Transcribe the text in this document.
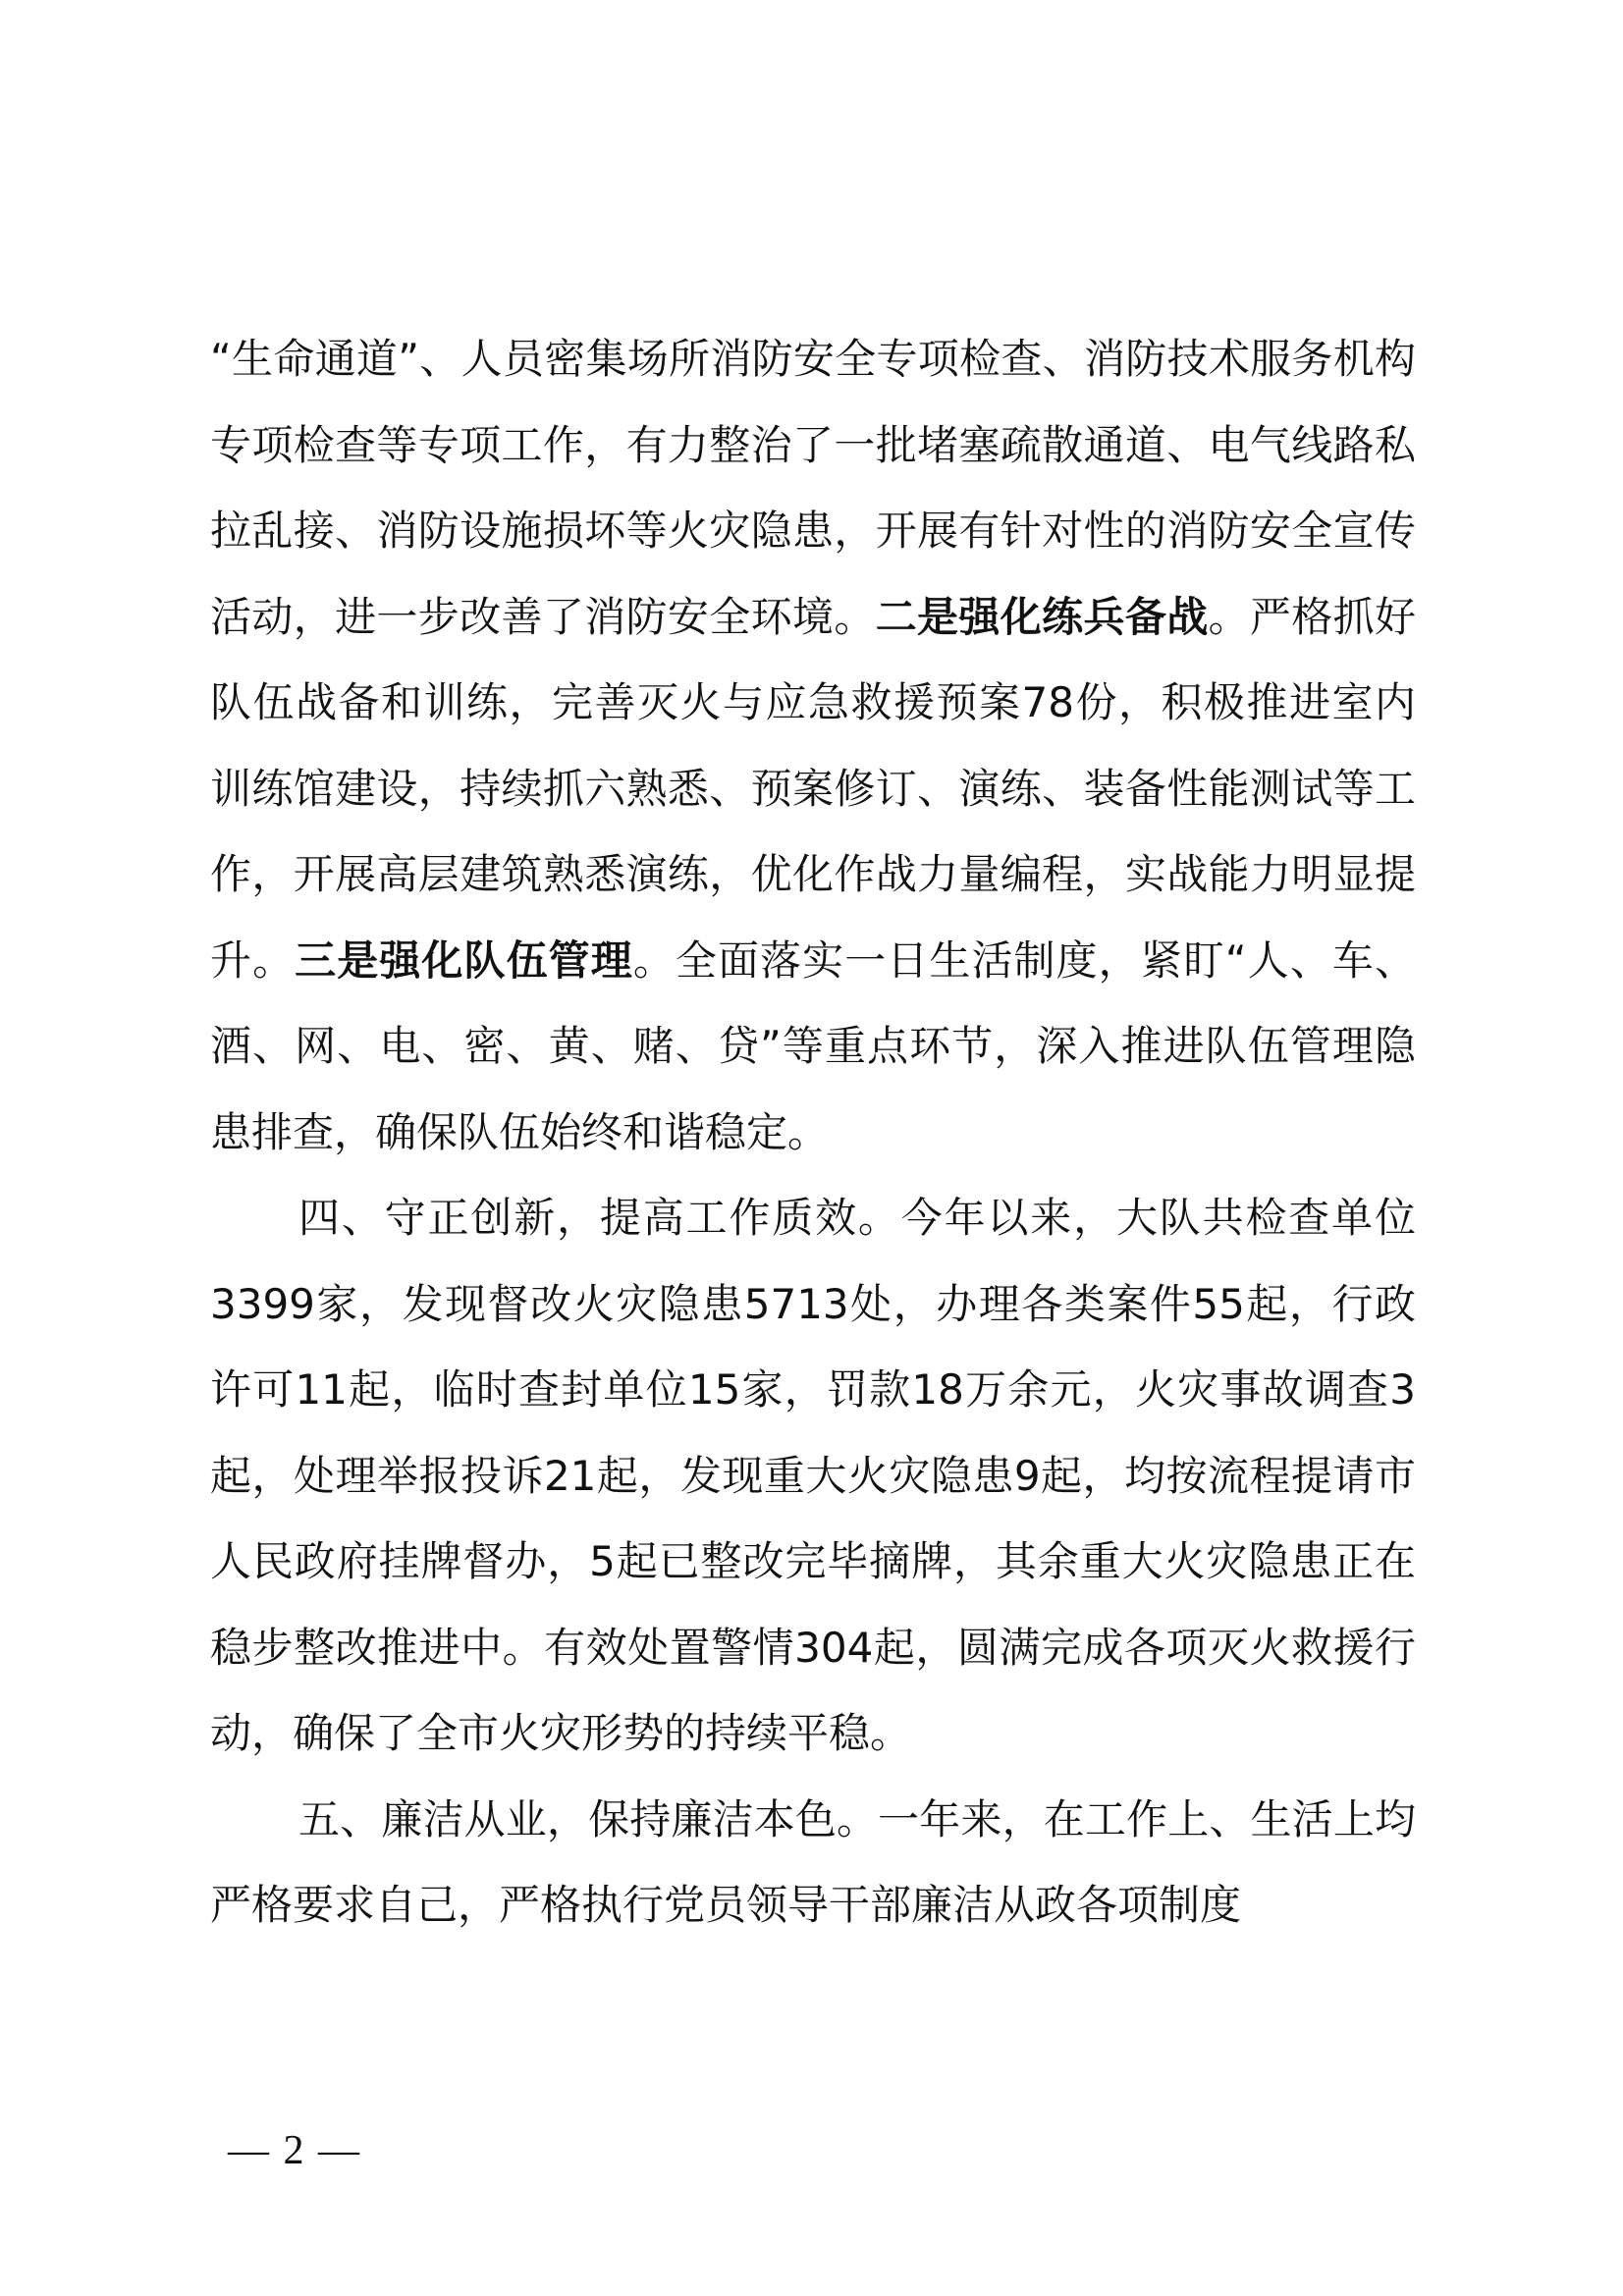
“生命通道”、人员密集场所消防安全专项检查、消防技术服务机构专项检查等专项工作，有力整治了一批堵塞疏散通道、电气线路私拉乱接、消防设施损坏等火灾隐患，开展有针对性的消防安全宣传活动，进一步改善了消防安全环境。二是强化练兵备战。严格抓好队伍战备和训练，完善灭火与应急救援预案78份，积极推进室内训练馆建设，持续抓六熟悉、预案修订、演练、装备性能测试等工作，开展高层建筑熟悉演练，优化作战力量编程，实战能力明显提升。三是强化队伍管理。全面落实一日生活制度，紧盯“人、车、酒、网、电、密、黄、赌、贷”等重点环节，深入推进队伍管理隐患排查，确保队伍始终和谐稳定。

四、守正创新，提高工作质效。今年以来，大队共检查单位3399家，发现督改火灾隐患5713处，办理各类案件55起，行政许可11起，临时查封单位15家，罚款18万余元，火灾事故调查3起，处理举报投诉21起，发现重大火灾隐患9起，均按流程提请市人民政府挂牌督办，5起已整改完毕摘牌，其余重大火灾隐患正在稳步整改推进中。有效处置警情304起，圆满完成各项灭火救援行动，确保了全市火灾形势的持续平稳。

五、廉洁从业，保持廉洁本色。一年来，在工作上、生活上均严格要求自己，严格执行党员领导干部廉洁从政各项制度

— 2 —
